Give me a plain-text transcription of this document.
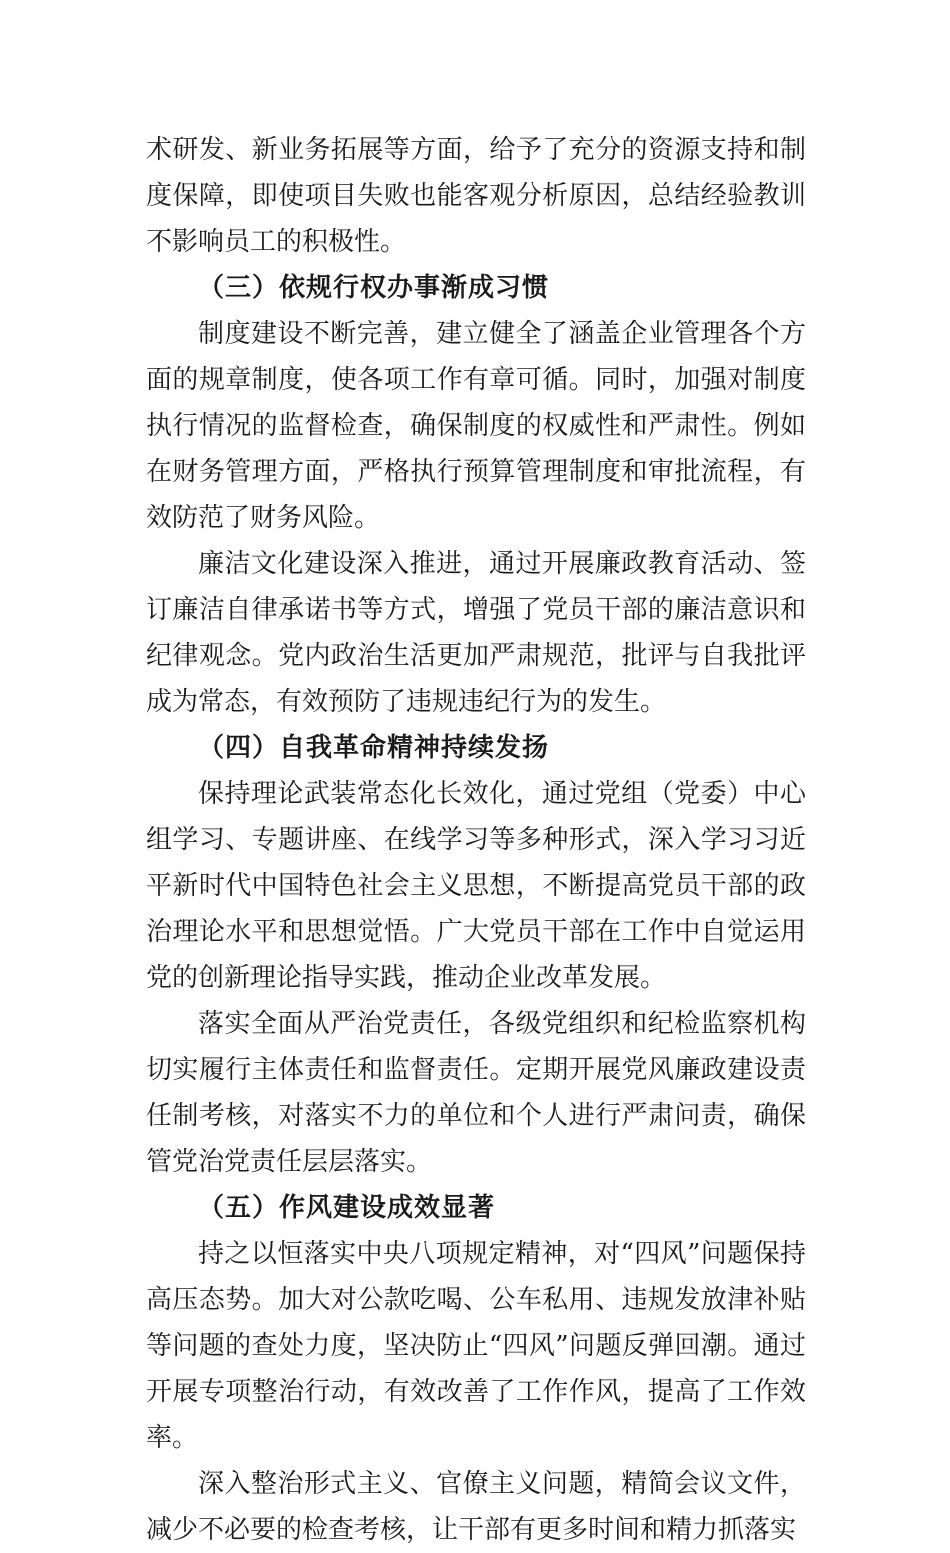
术研发、新业务拓展等方面，给予了充分的资源支持和制度保障，即使项目失败也能客观分析原因，总结经验教训不影响员工的积极性。

（三）依规行权办事渐成习惯

制度建设不断完善，建立健全了涵盖企业管理各个方面的规章制度，使各项工作有章可循。同时，加强对制度执行情况的监督检查，确保制度的权威性和严肃性。例如在财务管理方面，严格执行预算管理制度和审批流程，有效防范了财务风险。

廉洁文化建设深入推进，通过开展廉政教育活动、签订廉洁自律承诺书等方式，增强了党员干部的廉洁意识和纪律观念。党内政治生活更加严肃规范，批评与自我批评成为常态，有效预防了违规违纪行为的发生。

（四）自我革命精神持续发扬

保持理论武装常态化长效化，通过党组（党委）中心组学习、专题讲座、在线学习等多种形式，深入学习习近平新时代中国特色社会主义思想，不断提高党员干部的政治理论水平和思想觉悟。广大党员干部在工作中自觉运用党的创新理论指导实践，推动企业改革发展。

落实全面从严治党责任，各级党组织和纪检监察机构切实履行主体责任和监督责任。定期开展党风廉政建设责任制考核，对落实不力的单位和个人进行严肃问责，确保管党治党责任层层落实。

（五）作风建设成效显著

持之以恒落实中央八项规定精神，对“四风”问题保持高压态势。加大对公款吃喝、公车私用、违规发放津补贴等问题的查处力度，坚决防止“四风”问题反弹回潮。通过开展专项整治行动，有效改善了工作作风，提高了工作效率。

深入整治形式主义、官僚主义问题，精简会议文件，减少不必要的检查考核，让干部有更多时间和精力抓落实
